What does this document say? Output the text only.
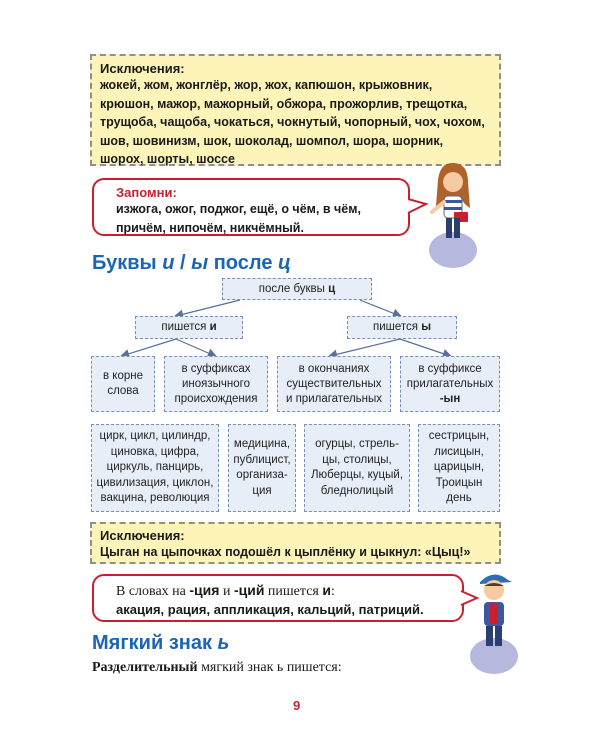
Исключения:
жокей, жом, жонглёр, жор, жох, капюшон, крыжовник,
крюшон, мажор, мажорный, обжора, прожорлив, трещотка,
трущоба, чащоба, чокаться, чокнутый, чопорный, чох, чохом,
шов, шовинизм, шок, шоколад, шомпол, шора, шорник,
шорох, шорты, шоссе
Запомни:
изжога, ожог, поджог, ещё, о чём, в чём,
причём, нипочём, никчёмный.
Буквы и / ы после ц
после буквы
ц
пишется
и	пишется
ы
в корне
слова
в суффиксах
иноязычного
происхождения
в окончаниях
существительных
и прилагательных
в суффиксе
прилагательных
-ын
цирк, цикл, цилиндр,
циновка, цифра,
циркуль, панцирь,
цивилизация, циклон,
вакцина, революция
медицина,
публицист,
организа-
ция
огурцы, стрель-
цы, столицы,
Люберцы, куцый,
бледнолицый
сестрицын,
лисицын,
царицын,
Троицын
день
Исключения:
Цыган на цыпочках подошёл к цыплёнку и цыкнул: «Цыц!»
В словах на -ция и -ций пишется и:
акация, рация, аппликация, кальций, патриций.
Мягкий знак ь
Разделительный мягкий знак ь пишется:
9
